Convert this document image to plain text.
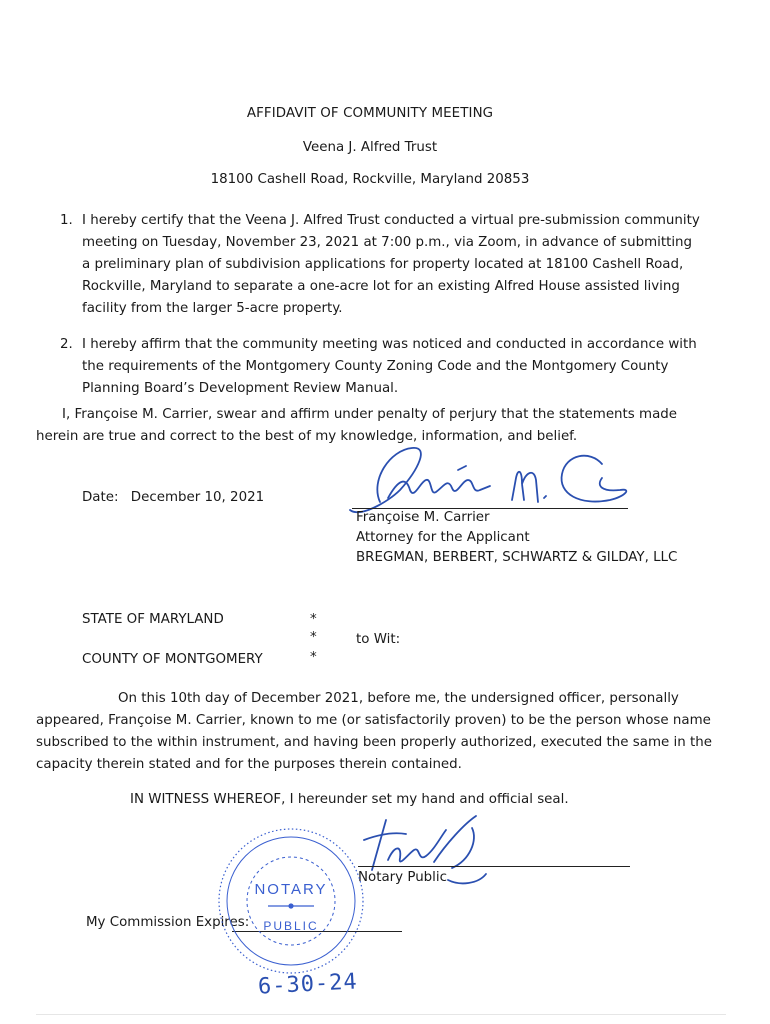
AFFIDAVIT OF COMMUNITY MEETING
Veena J. Alfred Trust
18100 Cashell Road, Rockville, Maryland 20853
1. I hereby certify that the Veena J. Alfred Trust conducted a virtual pre-submission community meeting on Tuesday, November 23, 2021 at 7:00 p.m., via Zoom, in advance of submitting a preliminary plan of subdivision applications for property located at 18100 Cashell Road, Rockville, Maryland to separate a one-acre lot for an existing Alfred House assisted living facility from the larger 5-acre property.

2. I hereby affirm that the community meeting was noticed and conducted in accordance with the requirements of the Montgomery County Zoning Code and the Montgomery County Planning Board’s Development Review Manual.

I, Françoise M. Carrier, swear and affirm under penalty of perjury that the statements made herein are true and correct to the best of my knowledge, information, and belief.
Date: December 10, 2021
Françoise M. Carrier
Attorney for the Applicant
BREGMAN, BERBERT, SCHWARTZ & GILDAY, LLC
STATE OF MARYLAND
COUNTY OF MONTGOMERY
*
*
*
to Wit:
On this 10th day of December 2021, before me, the undersigned officer, personally appeared, Françoise M. Carrier, known to me (or satisfactorily proven) to be the person whose name subscribed to the within instrument, and having been properly authorized, executed the same in the capacity therein stated and for the purposes therein contained.
IN WITNESS WHEREOF, I hereunder set my hand and official seal.
Notary Public
My Commission Expires:
NOTARY
PUBLIC
6-30-24
